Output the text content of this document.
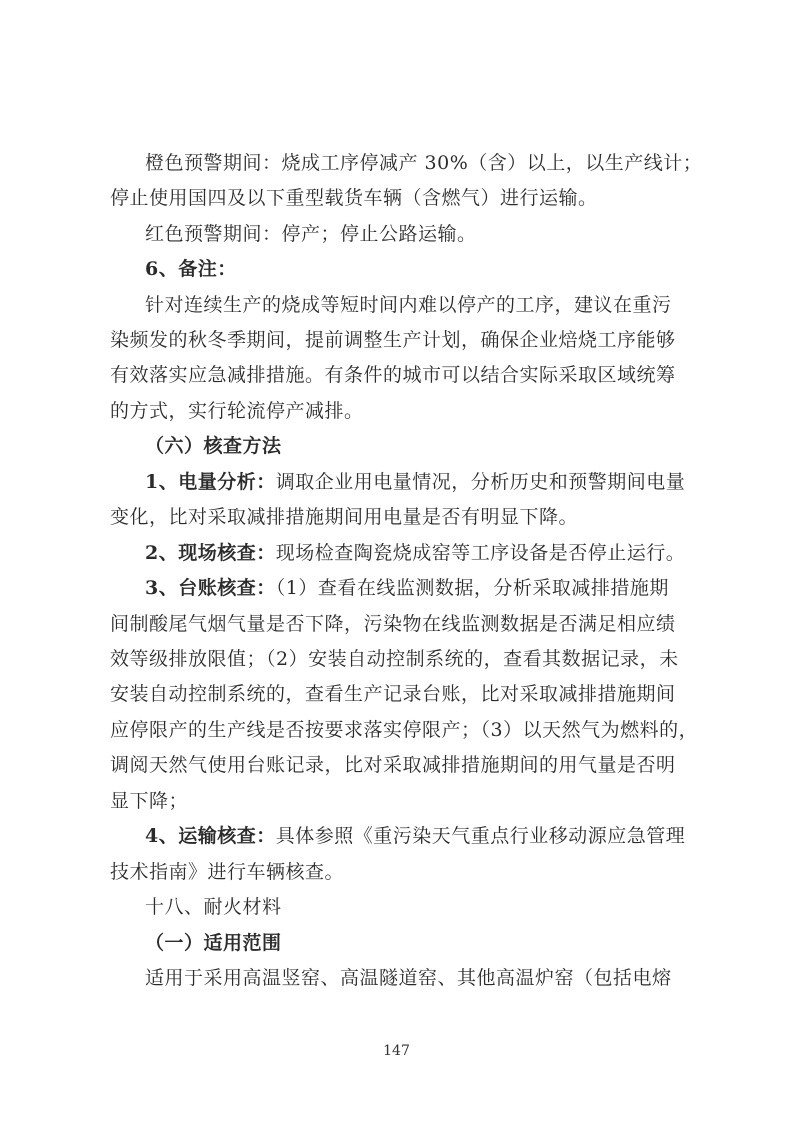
橙色预警期间：烧成工序停减产 30%（含）以上，以生产线计；
停止使用国四及以下重型载货车辆（含燃气）进行运输。
红色预警期间：停产；停止公路运输。
6、备注：
针对连续生产的烧成等短时间内难以停产的工序，建议在重污
染频发的秋冬季期间，提前调整生产计划，确保企业焙烧工序能够
有效落实应急减排措施。有条件的城市可以结合实际采取区域统筹
的方式，实行轮流停产减排。
（六）核查方法
1、电量分析：调取企业用电量情况，分析历史和预警期间电量
变化，比对采取减排措施期间用电量是否有明显下降。
2、现场核查：现场检查陶瓷烧成窑等工序设备是否停止运行。
3、台账核查：（1）查看在线监测数据，分析采取减排措施期
间制酸尾气烟气量是否下降，污染物在线监测数据是否满足相应绩
效等级排放限值；（2）安装自动控制系统的，查看其数据记录，未
安装自动控制系统的，查看生产记录台账，比对采取减排措施期间
应停限产的生产线是否按要求落实停限产；（3）以天然气为燃料的，
调阅天然气使用台账记录，比对采取减排措施期间的用气量是否明
显下降；
4、运输核查：具体参照《重污染天气重点行业移动源应急管理
技术指南》进行车辆核查。
十八、耐火材料
（一）适用范围
适用于采用高温竖窑、高温隧道窑、其他高温炉窑（包括电熔
147
